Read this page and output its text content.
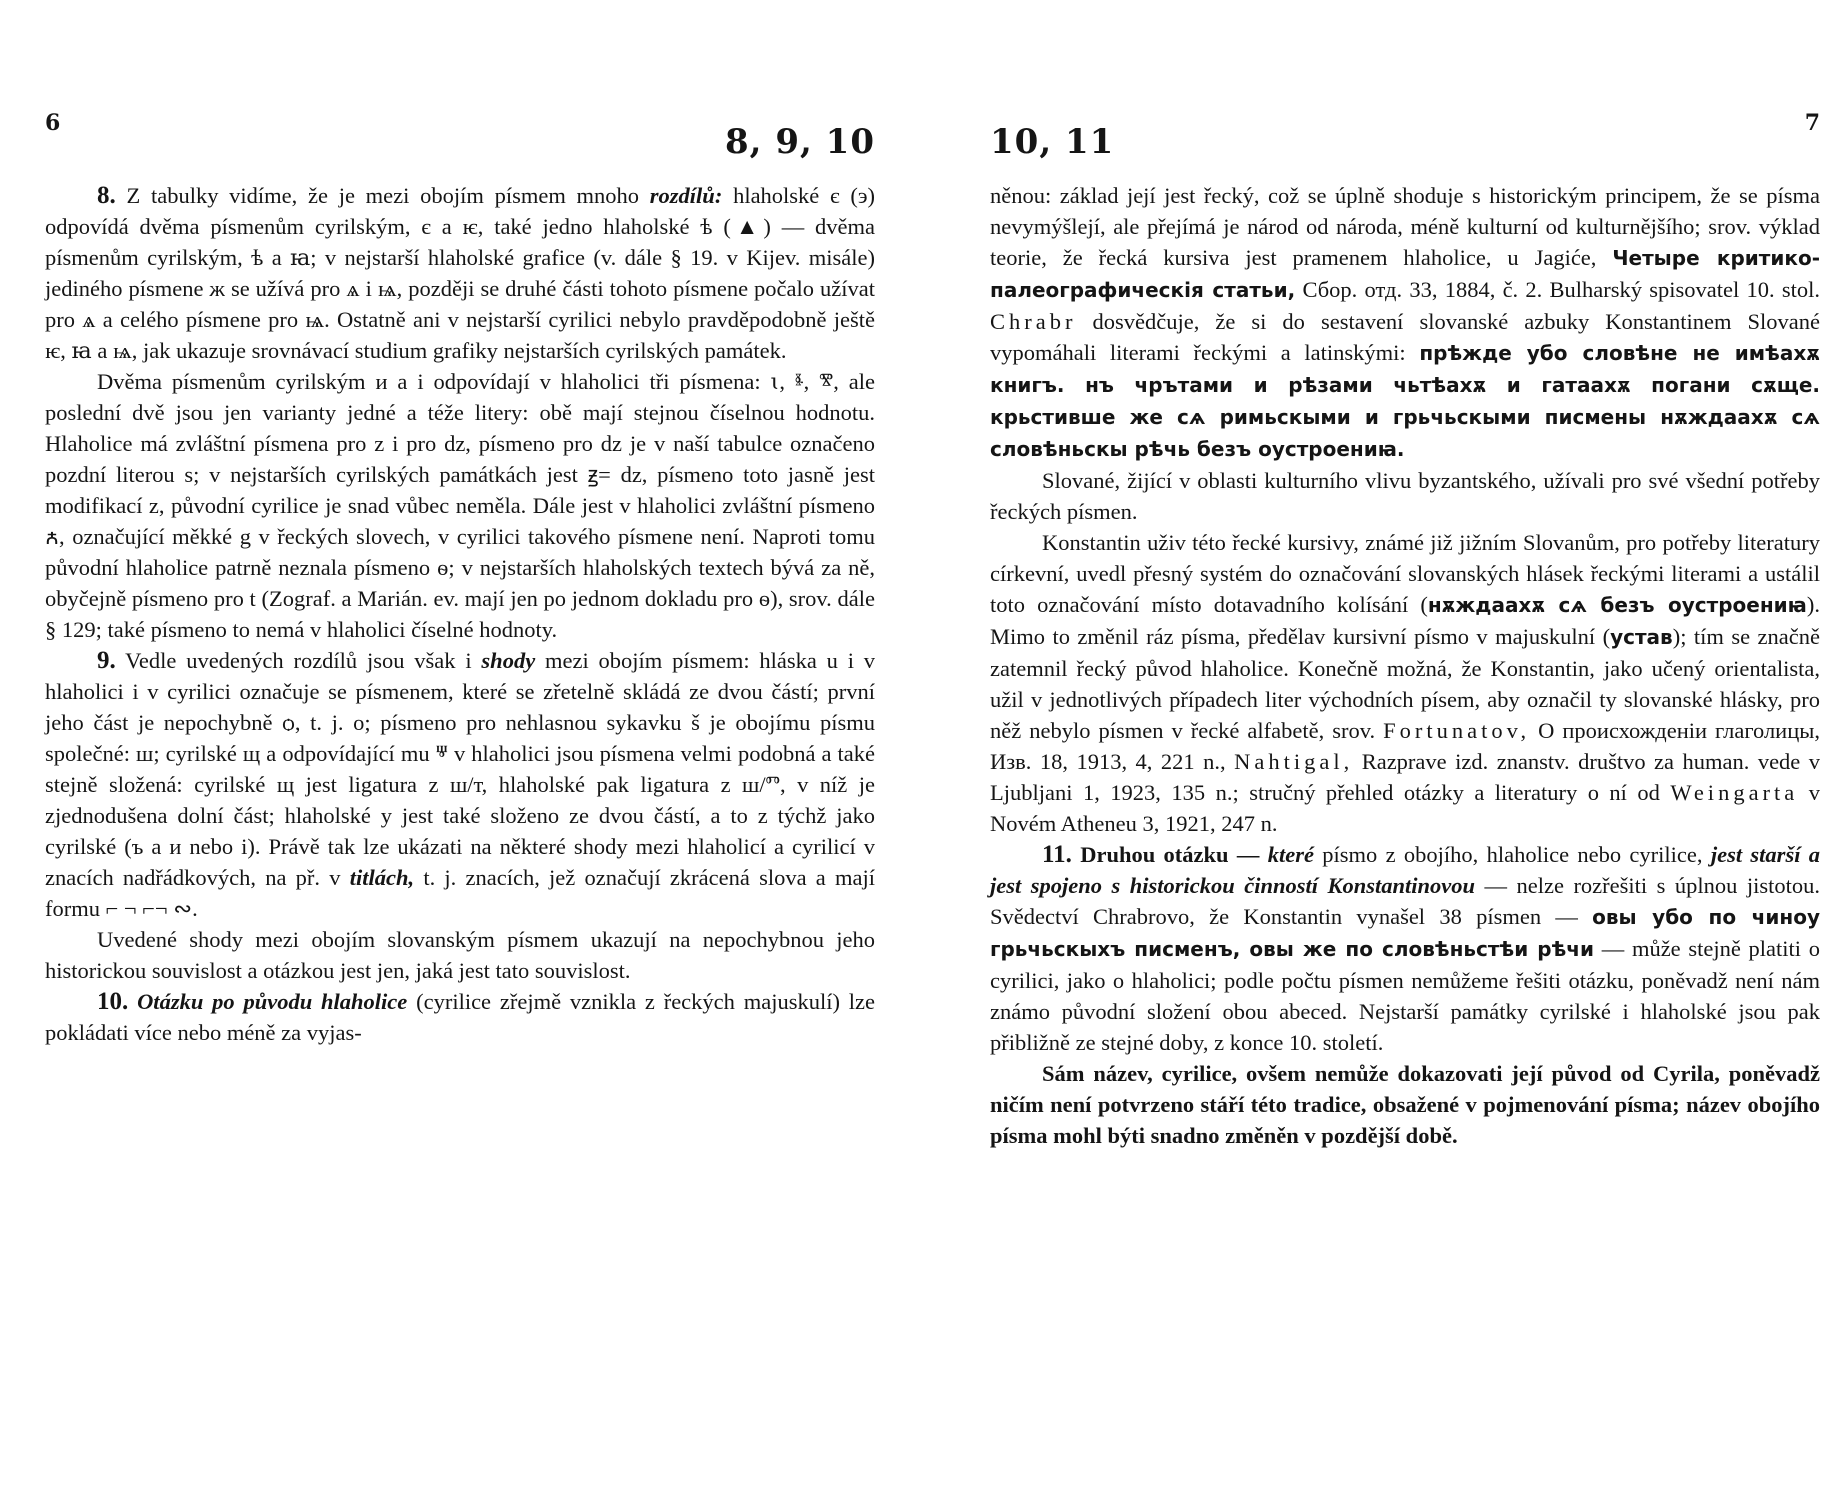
6	8, 9, 10

8. Z tabulky vidíme, že je mezi obojím písmem mnoho rozdílů: hlaholské є (э) odpovídá dvěma písmenům cyrilským, є a ѥ, také jedno hlaholské ѣ (▲) — dvěma písmenům cyrilským, ѣ a ꙗ; v nejstarší hlaholské grafice (v. dále § 19. v Kijev. misále) jediného písmene ж se užívá pro ѧ i ѩ, později se druhé části tohoto písmene počalo užívat pro ѧ a celého písmene pro ѩ. Ostatně ani v nejstarší cyrilici nebylo pravděpodobně ještě ѥ, ꙗ a ѩ, jak ukazuje srovnávací studium grafiky nejstarších cyrilských památek.

Dvěma písmenům cyrilským и a і odpovídají v hlaholici tři písmena: ꙇ, ⱛ, ⰺ, ale poslední dvě jsou jen varianty jedné a téže litery: obě mají stejnou číselnou hodnotu. Hlaholice má zvláštní písmena pro z i pro dz, písmeno pro dz je v naší tabulce označeno pozdní literou ѕ; v nejstarších cyrilských památkách jest ꙃ= dz, písmeno toto jasně jest modifikací z, původní cyrilice je snad vůbec neměla. Dále jest v hlaholici zvláštní písmeno ꙉ, označující měkké g v řeckých slovech, v cyrilici takového písmene není. Naproti tomu původní hlaholice patrně neznala písmeno ѳ; v nejstarších hlaholských textech bývá za ně, obyčejně písmeno pro t (Zograf. a Marián. ev. mají jen po jednom dokladu pro ѳ), srov. dále § 129; také písmeno to nemá v hlaholici číselné hodnoty.

9. Vedle uvedených rozdílů jsou však i shody mezi obojím písmem: hláska u i v hlaholici i v cyrilici označuje se písmenem, které se zřetelně skládá ze dvou částí; první jeho část je nepochybně ѻ, t. j. o; písmeno pro nehlasnou sykavku š je obojímu písmu společné: ш; cyrilské щ a odpovídající mu ⱋ v hlaholici jsou písmena velmi podobná a také stejně složená: cyrilské щ jest ligatura z ш/т, hlaholské pak ligatura z ш/ⱅ, v níž je zjednodušena dolní část; hlaholské y jest také složeno ze dvou částí, a to z týchž jako cyrilské (ъ a и nebo і). Právě tak lze ukázati na některé shody mezi hlaholicí a cyrilicí v znacích nadřádkových, na př. v titlách, t. j. znacích, jež označují zkrácená slova a mají formu ⌐ ¬ ⌐¬ ∾.

Uvedené shody mezi obojím slovanským písmem ukazují na nepochybnou jeho historickou souvislost a otázkou jest jen, jaká jest tato souvislost.

10. Otázku po původu hlaholice (cyrilice zřejmě vznikla z řeckých majuskulí) lze pokládati více nebo méně za vyjas-

10, 11	7

něnou: základ její jest řecký, což se úplně shoduje s historickým principem, že se písma nevymýšlejí, ale přejímá je národ od národa, méně kulturní od kulturnějšího; srov. výklad teorie, že řecká kursiva jest pramenem hlaholice, u Jagiće, Четыре критико-палеографическія статьи, Сбор. отд. 33, 1884, č. 2. Bulharský spisovatel 10. stol. Chrabr dosvědčuje, že si do sestavení slovanské azbuky Konstantinem Slované vypomáhali literami řeckými a latinskými: прѣжде убо словѣне не имѣахѫ книгъ. нъ чрътами и рѣзами чьтѣахѫ и гатаахѫ погани сѫще. крьстивше же сѧ римьскыми и грьчьскыми писмены нѫждаахѫ сѧ словѣньскы рѣчь безъ оустроениꙗ.

Slované, žijící v oblasti kulturního vlivu byzantského, užívali pro své všední potřeby řeckých písmen.

Konstantin uživ této řecké kursivy, známé již jižním Slovanům, pro potřeby literatury církevní, uvedl přesný systém do označování slovanských hlásek řeckými literami a ustálil toto označování místo dotavadního kolísání (нѫждаахѫ сѧ безъ оустроениꙗ). Mimo to změnil ráz písma, předělav kursivní písmo v majuskulní (устав); tím se značně zatemnil řecký původ hlaholice. Konečně možná, že Konstantin, jako učený orientalista, užil v jednotlivých případech liter východních písem, aby označil ty slovanské hlásky, pro něž nebylo písmen v řecké alfabetě, srov. Fortunatov, О происхожденіи глаголицы, Изв. 18, 1913, 4, 221 n., Nahtigal, Razprave izd. znanstv. društvo za human. vede v Ljubljani 1, 1923, 135 n.; stručný přehled otázky a literatury o ní od Weingarta v Novém Atheneu 3, 1921, 247 n.

11. Druhou otázku — které písmo z obojího, hlaholice nebo cyrilice, jest starší a jest spojeno s historickou činností Konstantinovou — nelze rozřešiti s úplnou jistotou. Svědectví Chrabrovo, že Konstantin vynašel 38 písmen — овы убо по чиноу грьчьскыхъ писменъ, овы же по словѣньстѣи рѣчи — může stejně platiti o cyrilici, jako o hlaholici; podle počtu písmen nemůžeme řešiti otázku, poněvadž není nám známo původní složení obou abeced. Nejstarší památky cyrilské i hlaholské jsou pak přibližně ze stejné doby, z konce 10. století.

Sám název, cyrilice, ovšem nemůže dokazovati její původ od Cyrila, poněvadž ničím není potvrzeno stáří této tradice, obsažené v pojmenování písma; název obojího písma mohl býti snadno změněn v pozdější době.
